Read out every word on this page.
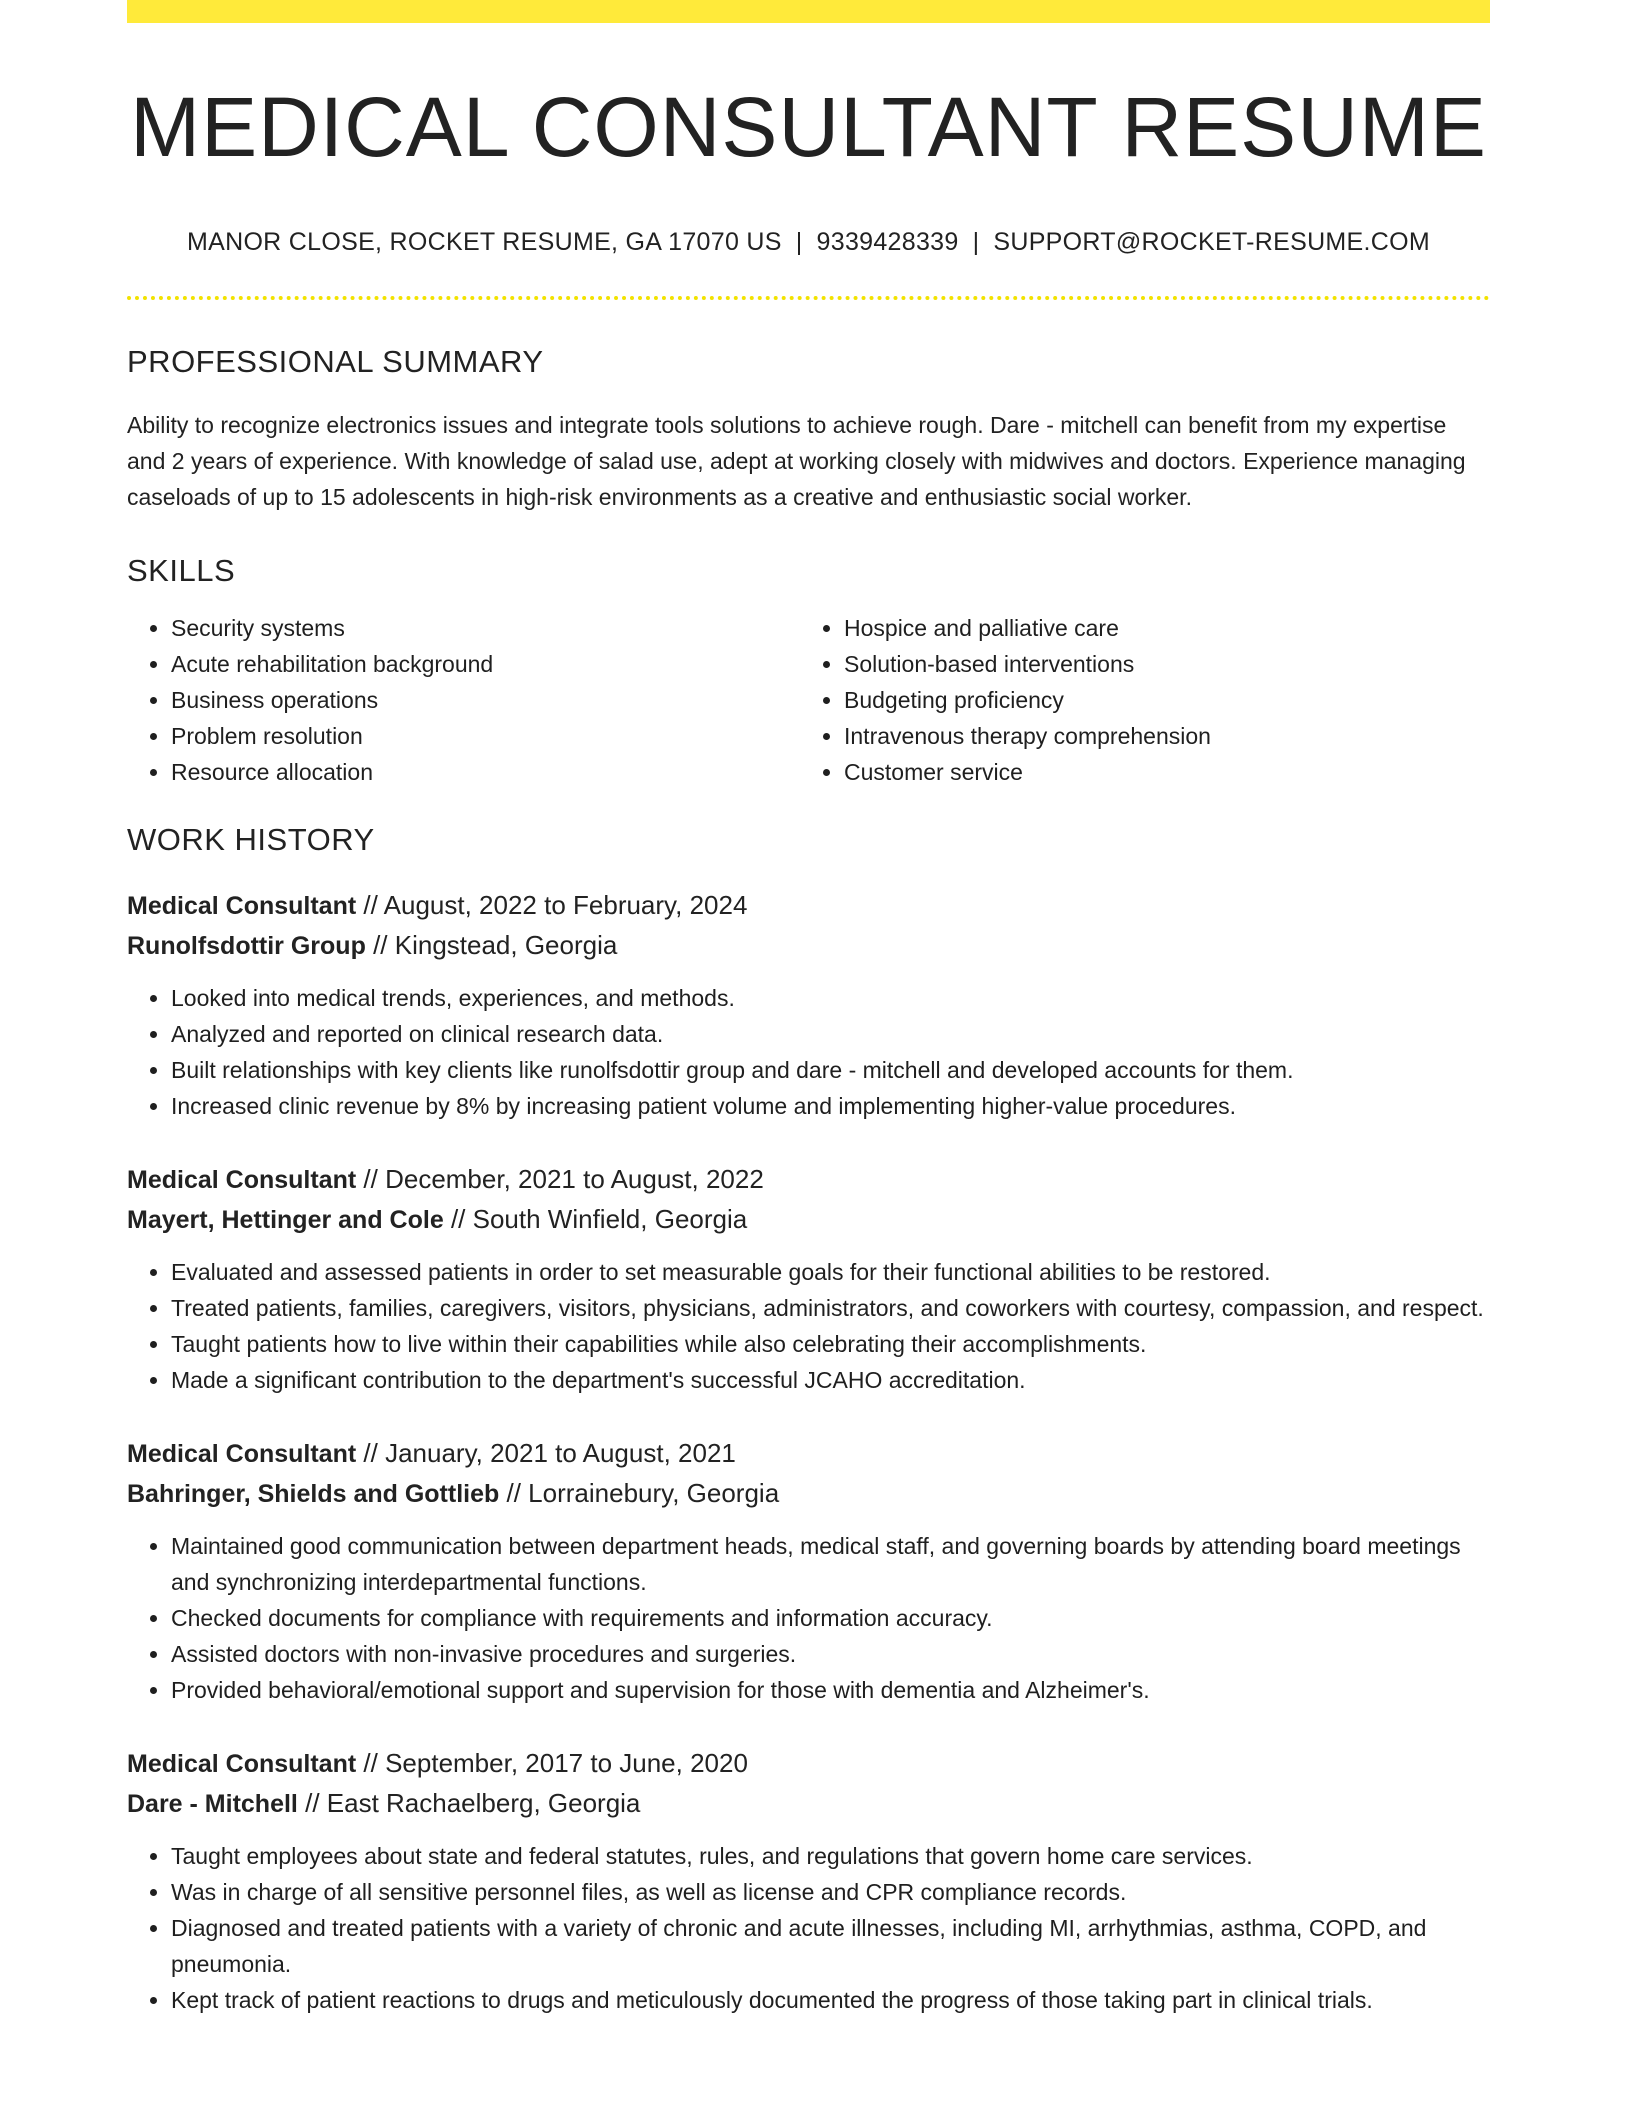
MEDICAL CONSULTANT RESUME
MANOR CLOSE, ROCKET RESUME, GA 17070 US | 9339428339 | SUPPORT@ROCKET-RESUME.COM
PROFESSIONAL SUMMARY
Ability to recognize electronics issues and integrate tools solutions to achieve rough. Dare - mitchell can benefit from my expertise and 2 years of experience. With knowledge of salad use, adept at working closely with midwives and doctors. Experience managing caseloads of up to 15 adolescents in high-risk environments as a creative and enthusiastic social worker.
SKILLS
• Security systems
• Acute rehabilitation background
• Business operations
• Problem resolution
• Resource allocation
• Hospice and palliative care
• Solution-based interventions
• Budgeting proficiency
• Intravenous therapy comprehension
• Customer service
WORK HISTORY
Medical Consultant // August, 2022 to February, 2024
Runolfsdottir Group // Kingstead, Georgia
• Looked into medical trends, experiences, and methods.
• Analyzed and reported on clinical research data.
• Built relationships with key clients like runolfsdottir group and dare - mitchell and developed accounts for them.
• Increased clinic revenue by 8% by increasing patient volume and implementing higher-value procedures.
Medical Consultant // December, 2021 to August, 2022
Mayert, Hettinger and Cole // South Winfield, Georgia
• Evaluated and assessed patients in order to set measurable goals for their functional abilities to be restored.
• Treated patients, families, caregivers, visitors, physicians, administrators, and coworkers with courtesy, compassion, and respect.
• Taught patients how to live within their capabilities while also celebrating their accomplishments.
• Made a significant contribution to the department's successful JCAHO accreditation.
Medical Consultant // January, 2021 to August, 2021
Bahringer, Shields and Gottlieb // Lorrainebury, Georgia
• Maintained good communication between department heads, medical staff, and governing boards by attending board meetings and synchronizing interdepartmental functions.
• Checked documents for compliance with requirements and information accuracy.
• Assisted doctors with non-invasive procedures and surgeries.
• Provided behavioral/emotional support and supervision for those with dementia and Alzheimer's.
Medical Consultant // September, 2017 to June, 2020
Dare - Mitchell // East Rachaelberg, Georgia
• Taught employees about state and federal statutes, rules, and regulations that govern home care services.
• Was in charge of all sensitive personnel files, as well as license and CPR compliance records.
• Diagnosed and treated patients with a variety of chronic and acute illnesses, including MI, arrhythmias, asthma, COPD, and pneumonia.
• Kept track of patient reactions to drugs and meticulously documented the progress of those taking part in clinical trials.
